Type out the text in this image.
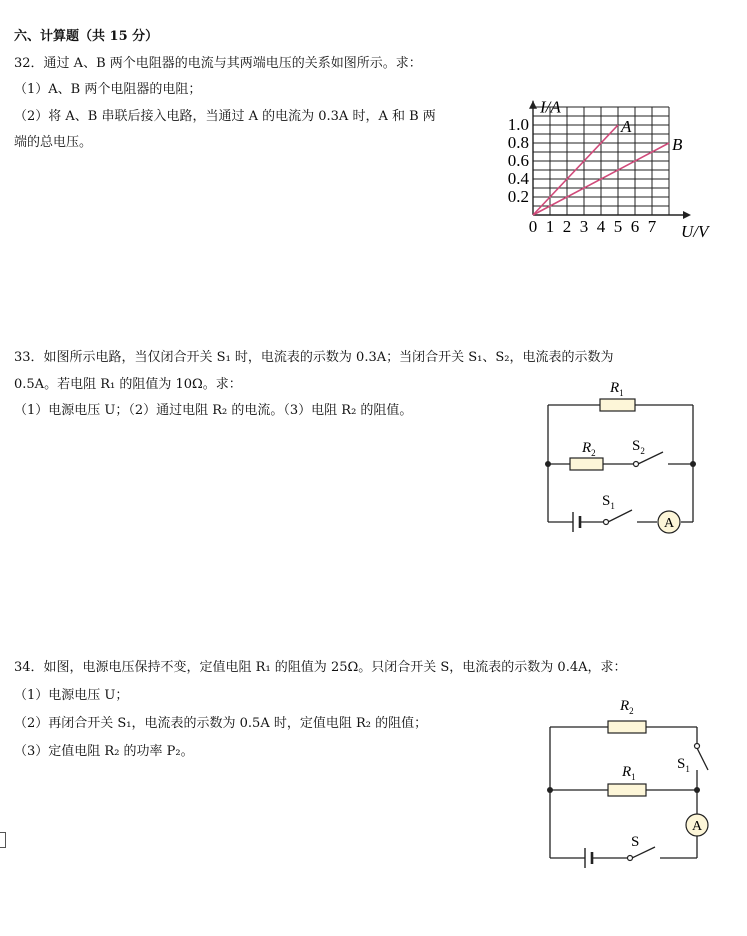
六、计算题（共 15 分）
32．通过 A、B 两个电阻器的电流与其两端电压的关系如图所示。求：
（1）A、B 两个电阻器的电阻；
（2）将 A、B 串联后接入电路，当通过 A 的电流为 0.3A 时，A 和 B 两
端的总电压。
0 1 2 3 4 5 6 7
0.2
0.4
0.6
0.8
1.0
I/A
U/V
A
B
33．如图所示电路，当仅闭合开关 S₁ 时，电流表的示数为 0.3A；当闭合开关 S₁、S₂，电流表的示数为
0.5A。若电阻 R₁ 的阻值为 10Ω。求：
（1）电源电压 U；（2）通过电阻 R₂ 的电流。（3）电阻 R₂ 的阻值。
A
$R_1$
$R_2$ $S_2$
$S_1$
34．如图，电源电压保持不变，定值电阻 R₁ 的阻值为 25Ω。只闭合开关 S，电流表的示数为 0.4A，求：
（1）电源电压 U；
（2）再闭合开关 S₁，电流表的示数为 0.5A 时，定值电阻 R₂ 的阻值；
（3）定值电阻 R₂ 的功率 P₂。
A
$R_2$
$R_1$
$S_1$
S
